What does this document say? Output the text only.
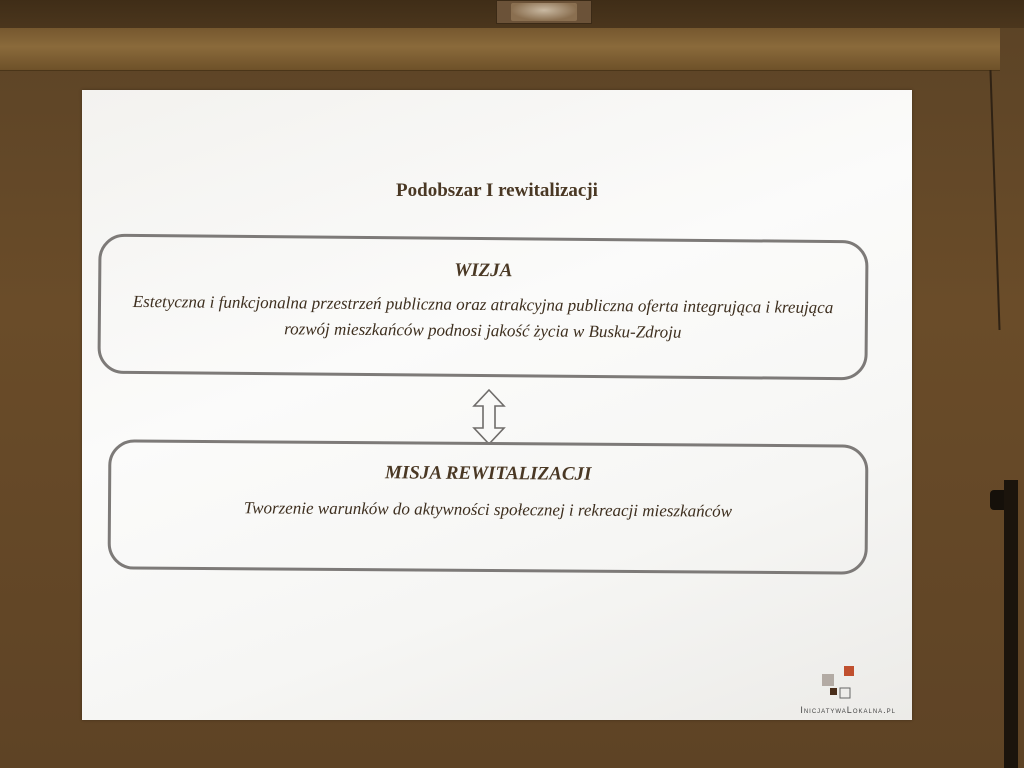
Podobszar I rewitalizacji
WIZJA
Estetyczna i funkcjonalna przestrzeń publiczna oraz atrakcyjna publiczna oferta integrująca i kreująca rozwój mieszkańców podnosi jakość życia w Busku-Zdroju
MISJA REWITALIZACJI
Tworzenie warunków do aktywności społecznej i rekreacji mieszkańców
InicjatywaLokalna.pl
